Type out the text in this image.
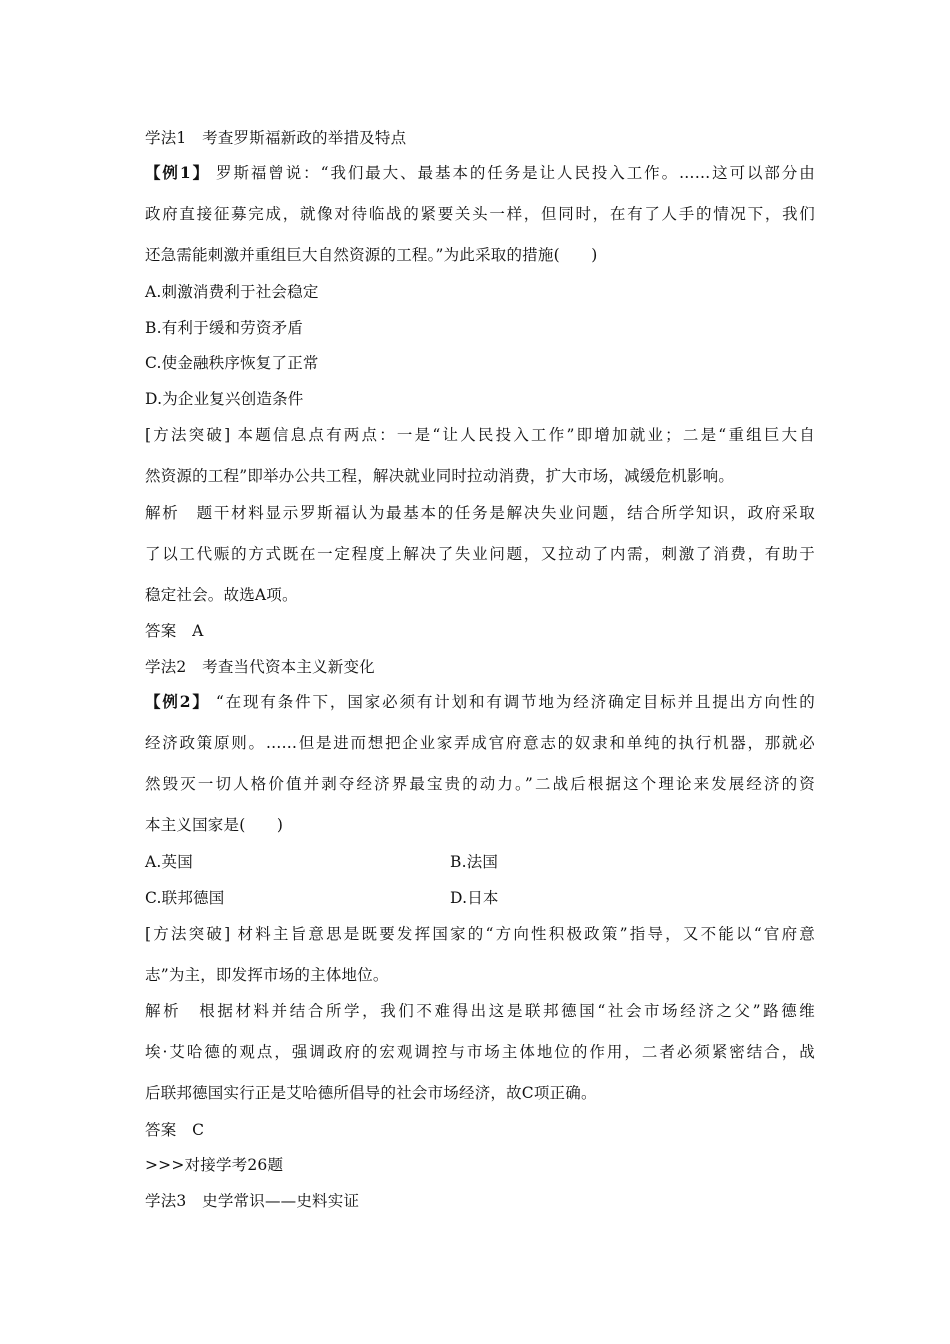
学法1　考查罗斯福新政的举措及特点
【例1】 罗斯福曾说：“我们最大、最基本的任务是让人民投入工作。……这可以部分由
政府直接征募完成，就像对待临战的紧要关头一样，但同时，在有了人手的情况下，我们
还急需能刺激并重组巨大自然资源的工程。”为此采取的措施(　　)
A.刺激消费利于社会稳定
B.有利于缓和劳资矛盾
C.使金融秩序恢复了正常
D.为企业复兴创造条件
[方法突破] 本题信息点有两点：一是“让人民投入工作”即增加就业；二是“重组巨大自
然资源的工程”即举办公共工程，解决就业同时拉动消费，扩大市场，减缓危机影响。
解析　题干材料显示罗斯福认为最基本的任务是解决失业问题，结合所学知识，政府采取
了以工代赈的方式既在一定程度上解决了失业问题，又拉动了内需，刺激了消费，有助于
稳定社会。故选A项。
答案　A
学法2　考查当代资本主义新变化
【例2】 “在现有条件下，国家必须有计划和有调节地为经济确定目标并且提出方向性的
经济政策原则。……但是进而想把企业家弄成官府意志的奴隶和单纯的执行机器，那就必
然毁灭一切人格价值并剥夺经济界最宝贵的动力。”二战后根据这个理论来发展经济的资
本主义国家是(　　)
A.英国	B.法国
C.联邦德国	D.日本
[方法突破] 材料主旨意思是既要发挥国家的“方向性积极政策”指导，又不能以“官府意
志”为主，即发挥市场的主体地位。
解析　根据材料并结合所学，我们不难得出这是联邦德国“社会市场经济之父”路德维
埃·艾哈德的观点，强调政府的宏观调控与市场主体地位的作用，二者必须紧密结合，战
后联邦德国实行正是艾哈德所倡导的社会市场经济，故C项正确。
答案　C
>>>对接学考26题
学法3　史学常识——史料实证
